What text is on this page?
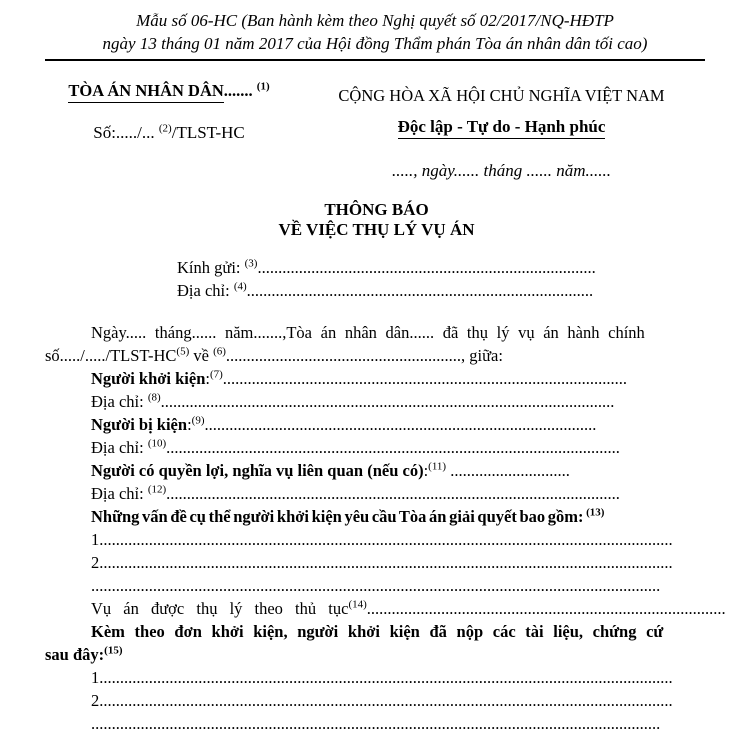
Mẫu số 06-HC (Ban hành kèm theo Nghị quyết số 02/2017/NQ-HĐTP
ngày 13 tháng 01 năm 2017 của Hội đồng Thẩm phán Tòa án nhân dân tối cao)
TÒA ÁN NHÂN DÂN....... $^{(1)}$
Số:...../... $^{(2)}$/TLST-HC
CỘNG HÒA XÃ HỘI CHỦ NGHĨA VIỆT NAM
Độc lập - Tự do - Hạnh phúc
....., ngày...... tháng ...... năm......
THÔNG BÁO
VỀ VIỆC THỤ LÝ VỤ ÁN
Kính gửi: $^{(3)}$..................................................................................
Địa chỉ: $^{(4)}$....................................................................................
Ngày..... tháng...... năm.......,Tòa án nhân dân...... đã thụ lý vụ án hành chính
số...../...../TLST-HC$^{(5)}$ về $^{(6)}$........................................................., giữa:
Người khởi kiện:$^{(7)}$..................................................................................................
Địa chỉ: $^{(8)}$..............................................................................................................
Người bị kiện:$^{(9)}$...............................................................................................
Địa chỉ: $^{(10)}$..............................................................................................................
Người có quyền lợi, nghĩa vụ liên quan (nếu có):$^{(11)}$ .............................
Địa chỉ: $^{(12)}$..............................................................................................................
Những vấn đề cụ thể người khởi kiện yêu cầu Tòa án giải quyết bao gồm: $^{(13)}$
1...........................................................................................................................................
2...........................................................................................................................................
..........................................................................................................................................
Vụ án được thụ lý theo thủ tục$^{(14)}$.......................................................................................
Kèm theo đơn khởi kiện, người khởi kiện đã nộp các tài liệu, chứng cứ
sau đây:$^{(15)}$
1...........................................................................................................................................
2...........................................................................................................................................
..........................................................................................................................................
